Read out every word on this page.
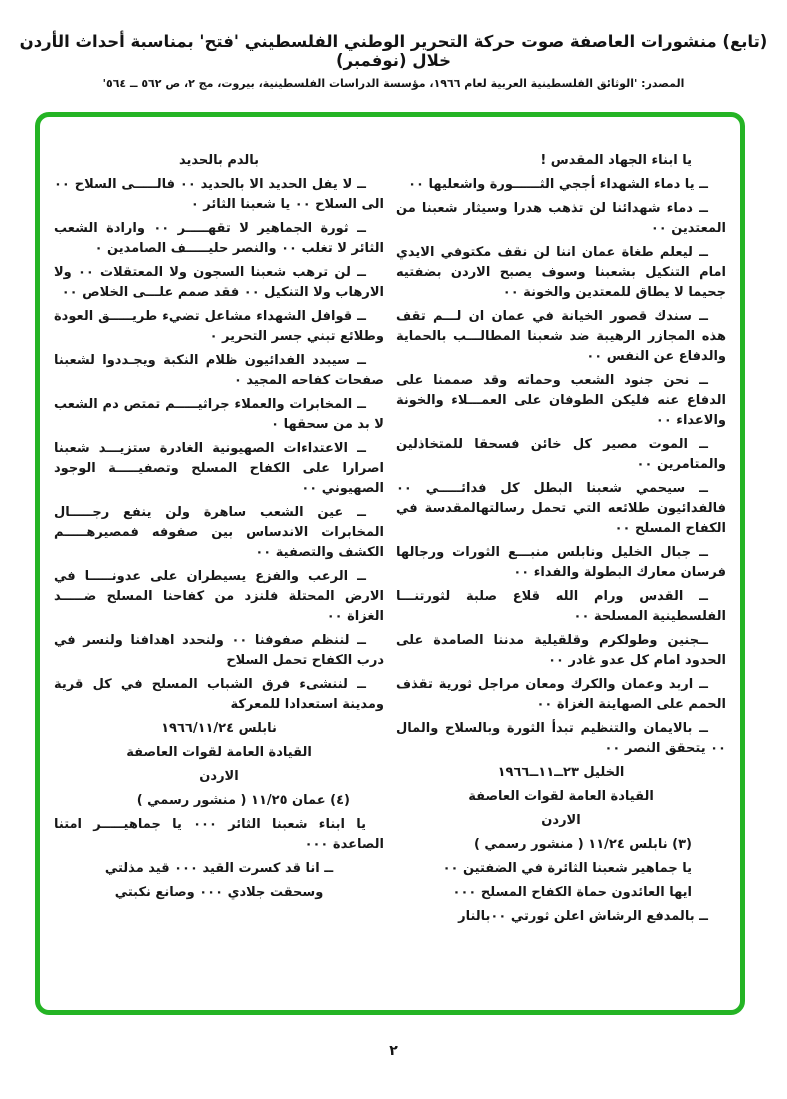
(تابع) منشورات العاصفة صوت حركة التحرير الوطني الفلسطيني 'فتح' بمناسبة أحداث الأردن خلال (نوفمبر)
المصدر: 'الوثائق الفلسطينية العربية لعام ١٩٦٦، مؤسسة الدراسات الفلسطينية، بيروت، مج ٢، ص ٥٦٢ ــ ٥٦٤'

يا ابناء الجهاد المقدس !

ــ يا دماء الشهداء أججي الثــــــورة واشعليها ٠٠

ــ دماء شهدائنا لن تذهب هدرا وسيثار شعبنا من المعتدين ٠٠

ــ ليعلم طغاة عمان اننا لن نقف مكتوفي الايدي امام التنكيل بشعبنا وسوف يصبح الاردن بضفتيه جحيما لا يطاق للمعتدين والخونة ٠٠

ــ سندك قصور الخيانة في عمان ان لـــم تقف هذه المجازر الرهيبة ضد شعبنا المطالـــب بالحماية والدفاع عن النفس ٠٠

ــ نحن جنود الشعب وحماته وقد صممنا على الدفاع عنه فليكن الطوفان على العمـــلاء والخونة والاعداء ٠٠

ــ الموت مصير كل خائن فسحقا للمتخاذلين والمتامرين ٠٠

ــ سيحمي شعبنا البطل كل فدائـــــي ٠٠ فالفدائيون طلائعه التي تحمل رسالتهالمقدسة في الكفاح المسلح ٠٠

ــ جبال الخليل ونابلس منبـــع الثورات ورجالها فرسان معارك البطولة والفداء ٠٠

ــ القدس ورام الله قلاع صلبة لثورتنـــا الفلسطينية المسلحة ٠٠

ــجنين وطولكرم وقلقيلية مدننا الصامدة على الحدود امام كل عدو غادر ٠٠

ــ اربد وعمان والكرك ومعان مراجل ثورية تقذف الحمم على الصهاينة الغزاة ٠٠

ــ بالايمان والتنظيم تبدأ الثورة وبالسلاح والمال ٠٠ يتحقق النصر ٠٠

الخليل ٢٣ــ١١ــ١٩٦٦

القيادة العامة لقوات العاصفة

الاردن

(٣) نابلس ١١/٢٤ ( منشور رسمي )

يا جماهير شعبنا الثائرة في الضفتين ٠٠

ايها العائدون حماة الكفاح المسلح ٠٠٠

ــ بالمدفع الرشاش اعلن ثورتي ٠٠بالنار

بالدم بالحديد

ــ لا يفل الحديد الا بالحديد ٠٠ فالـــــى السلاح ٠٠ الى السلاح ٠٠ يا شعبنا الثائر ٠

ــ ثورة الجماهير لا تقهـــــر ٠٠ وارادة الشعب الثائر لا تغلب ٠٠ والنصر حليـــــف الصامدين ٠

ــ لن ترهب شعبنا السجون ولا المعتقلات ٠٠ ولا الارهاب ولا التنكيل ٠٠ فقد صمم علـــى الخلاص ٠٠

ــ قوافل الشهداء مشاعل تضيء طريـــــق العودة وطلائع تبني جسر التحرير ٠

ــ سيبدد الفدائيون ظلام النكبة ويجـددوا لشعبنا صفحات كفاحه المجيد ٠

ــ المخابرات والعملاء جراثيـــــم تمتص دم الشعب لا بد من سحقها ٠

ــ الاعتداءات الصهيونية الغادرة ستزيـــد شعبنا اصرارا على الكفاح المسلح وتصفيـــــة الوجود الصهيوني ٠٠

ــ عين الشعب ساهرة ولن ينفع رجـــــال المخابرات الاندساس بين صفوفه فمصيرهـــــم الكشف والتصفية ٠٠

ــ الرعب والفزع يسيطران على عدونـــــا في الارض المحتلة فلنزد من كفاحنا المسلح ضـــــد الغزاة ٠٠

ــ لننظم صفوفنا ٠٠ ولنحدد اهدافنا ولنسر في درب الكفاح تحمل السلاح

ــ لننشىء فرق الشباب المسلح في كل قرية ومدينة استعدادا للمعركة

نابلس ١٩٦٦/١١/٢٤

القيادة العامة لقوات العاصفة

الاردن

(٤) عمان ١١/٢٥ ( منشور رسمي )

يا ابناء شعبنا الثائر ٠٠٠ يا جماهيـــــر امتنا الصاعدة ٠٠٠

ــ انا قد كسرت القيد ٠٠٠ قيد مذلتي

وسحقت جلادي ٠٠٠ وصانع نكبتي

٢
